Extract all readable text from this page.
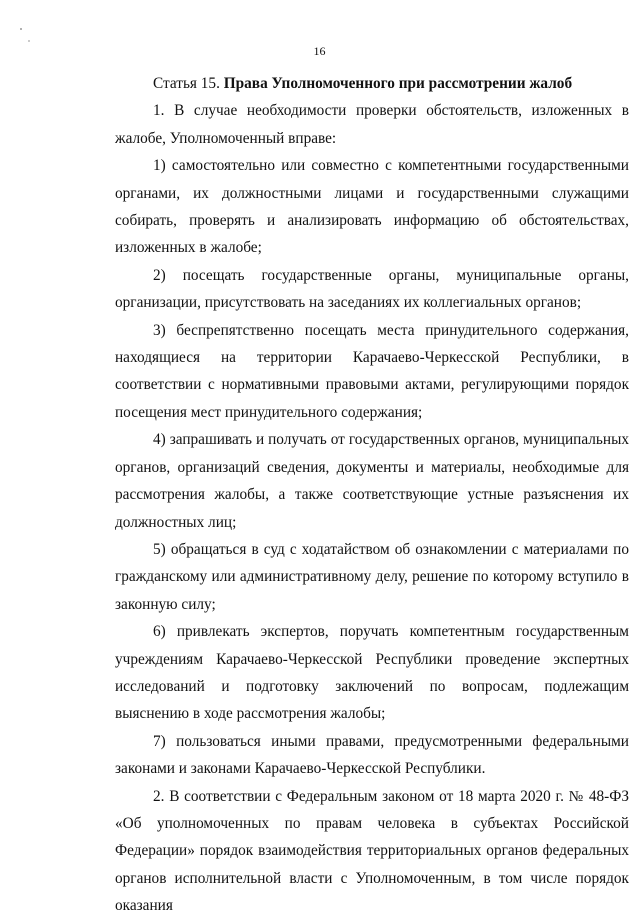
16

Статья 15. Права Уполномоченного при рассмотрении жалоб

1. В случае необходимости проверки обстоятельств, изложенных в жалобе, Уполномоченный вправе:

1) самостоятельно или совместно с компетентными государственными органами, их должностными лицами и государственными служащими собирать, проверять и анализировать информацию об обстоятельствах, изложенных в жалобе;

2) посещать государственные органы, муниципальные органы, организации, присутствовать на заседаниях их коллегиальных органов;

3) беспрепятственно посещать места принудительного содержания, находящиеся на территории Карачаево-Черкесской Республики, в соответствии с нормативными правовыми актами, регулирующими порядок посещения мест принудительного содержания;

4) запрашивать и получать от государственных органов, муниципальных органов, организаций сведения, документы и материалы, необходимые для рассмотрения жалобы, а также соответствующие устные разъяснения их должностных лиц;

5) обращаться в суд с ходатайством об ознакомлении с материалами по гражданскому или административному делу, решение по которому вступило в законную силу;

6) привлекать экспертов, поручать компетентным государственным учреждениям Карачаево-Черкесской Республики проведение экспертных исследований и подготовку заключений по вопросам, подлежащим выяснению в ходе рассмотрения жалобы;

7) пользоваться иными правами, предусмотренными федеральными законами и законами Карачаево-Черкесской Республики.

2. В соответствии с Федеральным законом от 18 марта 2020 г. № 48-ФЗ «Об уполномоченных по правам человека в субъектах Российской Федерации» порядок взаимодействия территориальных органов федеральных органов исполнительной власти с Уполномоченным, в том числе порядок оказания
